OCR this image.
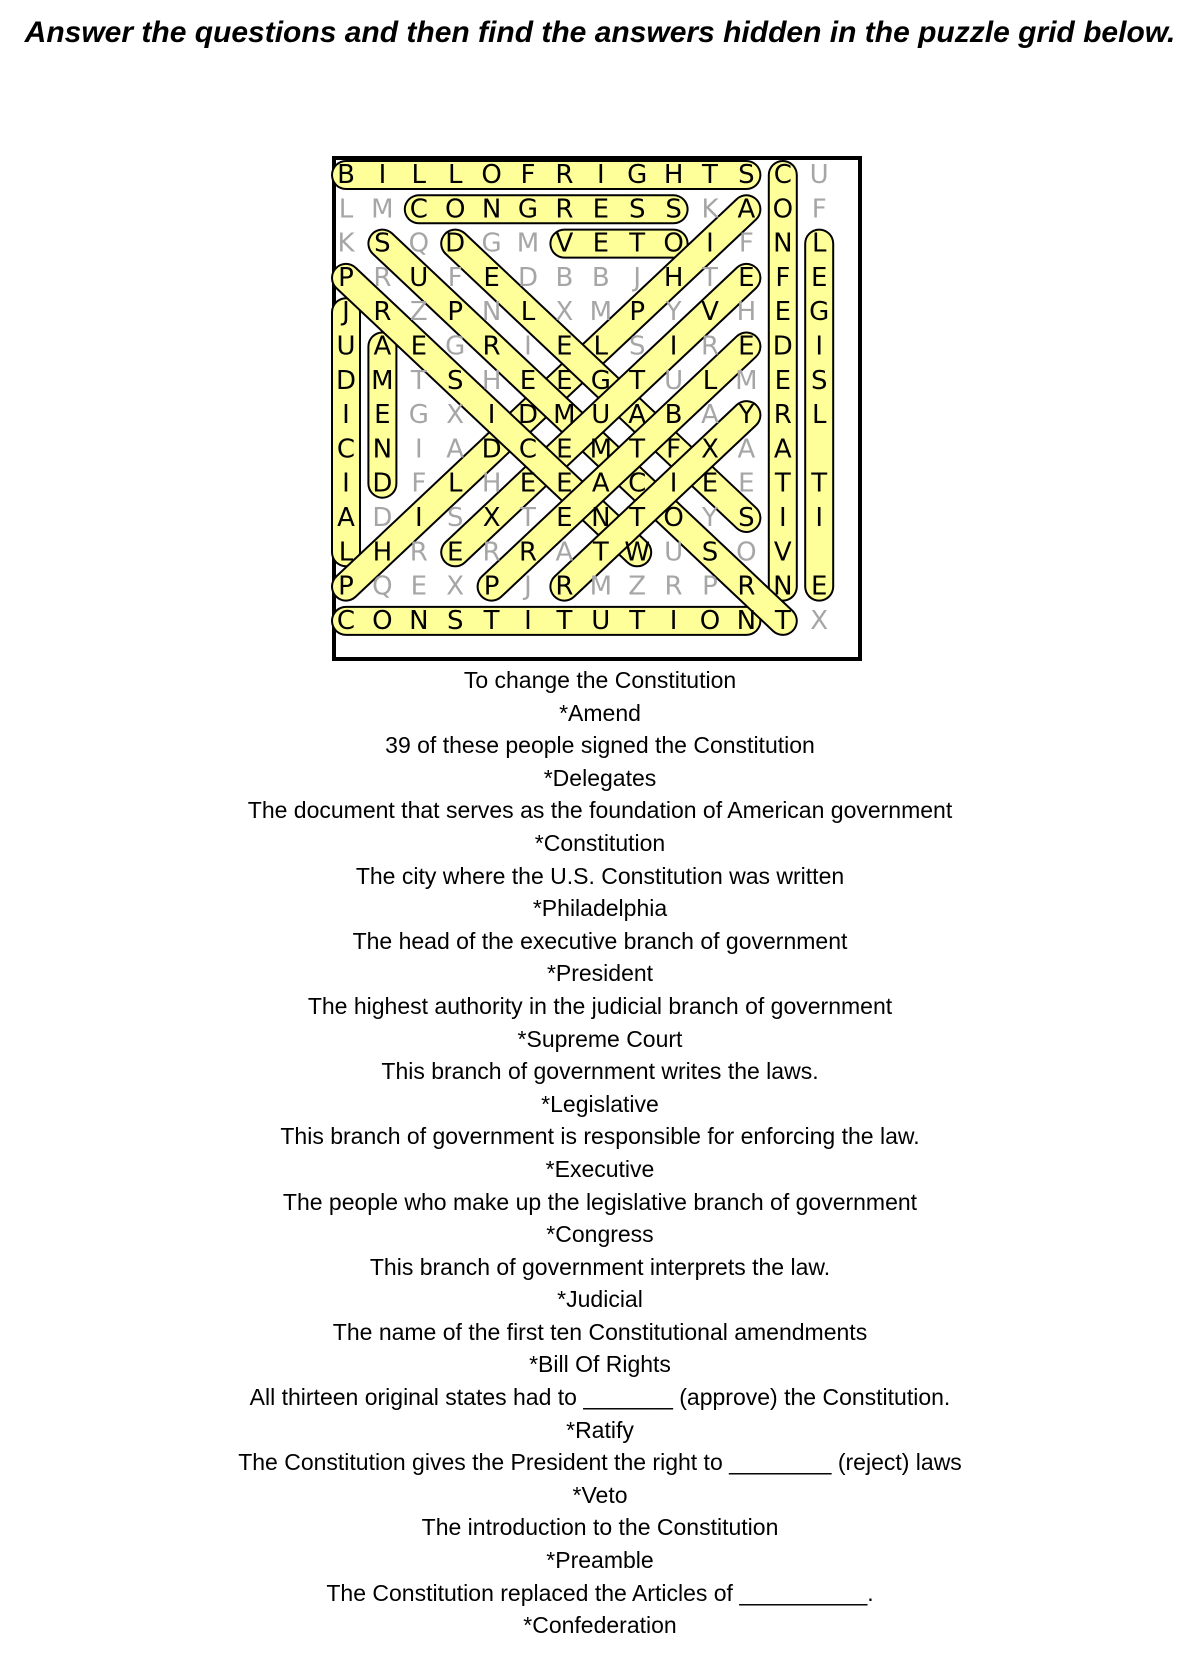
Answer the questions and then find the answers hidden in the puzzle grid below.
B I L L O F R I G H T S C U
L M C O N G R E S S K A O F
K S Q D G M V E T O I F N L
P R U F E D B B J H T E F E
J R Z P N L X M P Y V H E G
U A E G R I E L S I R E D I
D M T S H E E G T U L M E S
I E G X I D M U A B A Y R L
C N I A D C E M T F X A A
I D F L H E E A C I E E T T
A D I S X T E N T O Y S I I
L H R E R R A T W U S O V
P Q E X P J R M Z R P R N E
C O N S T I T U T I O N T X
To change the Constitution
*Amend
39 of these people signed the Constitution
*Delegates
The document that serves as the foundation of American government
*Constitution
The city where the U.S. Constitution was written
*Philadelphia
The head of the executive branch of government
*President
The highest authority in the judicial branch of government
*Supreme Court
This branch of government writes the laws.
*Legislative
This branch of government is responsible for enforcing the law.
*Executive
The people who make up the legislative branch of government
*Congress
This branch of government interprets the law.
*Judicial
The name of the first ten Constitutional amendments
*Bill Of Rights
All thirteen original states had to _______ (approve) the Constitution.
*Ratify
The Constitution gives the President the right to ________ (reject) laws
*Veto
The introduction to the Constitution
*Preamble
The Constitution replaced the Articles of __________.
*Confederation
